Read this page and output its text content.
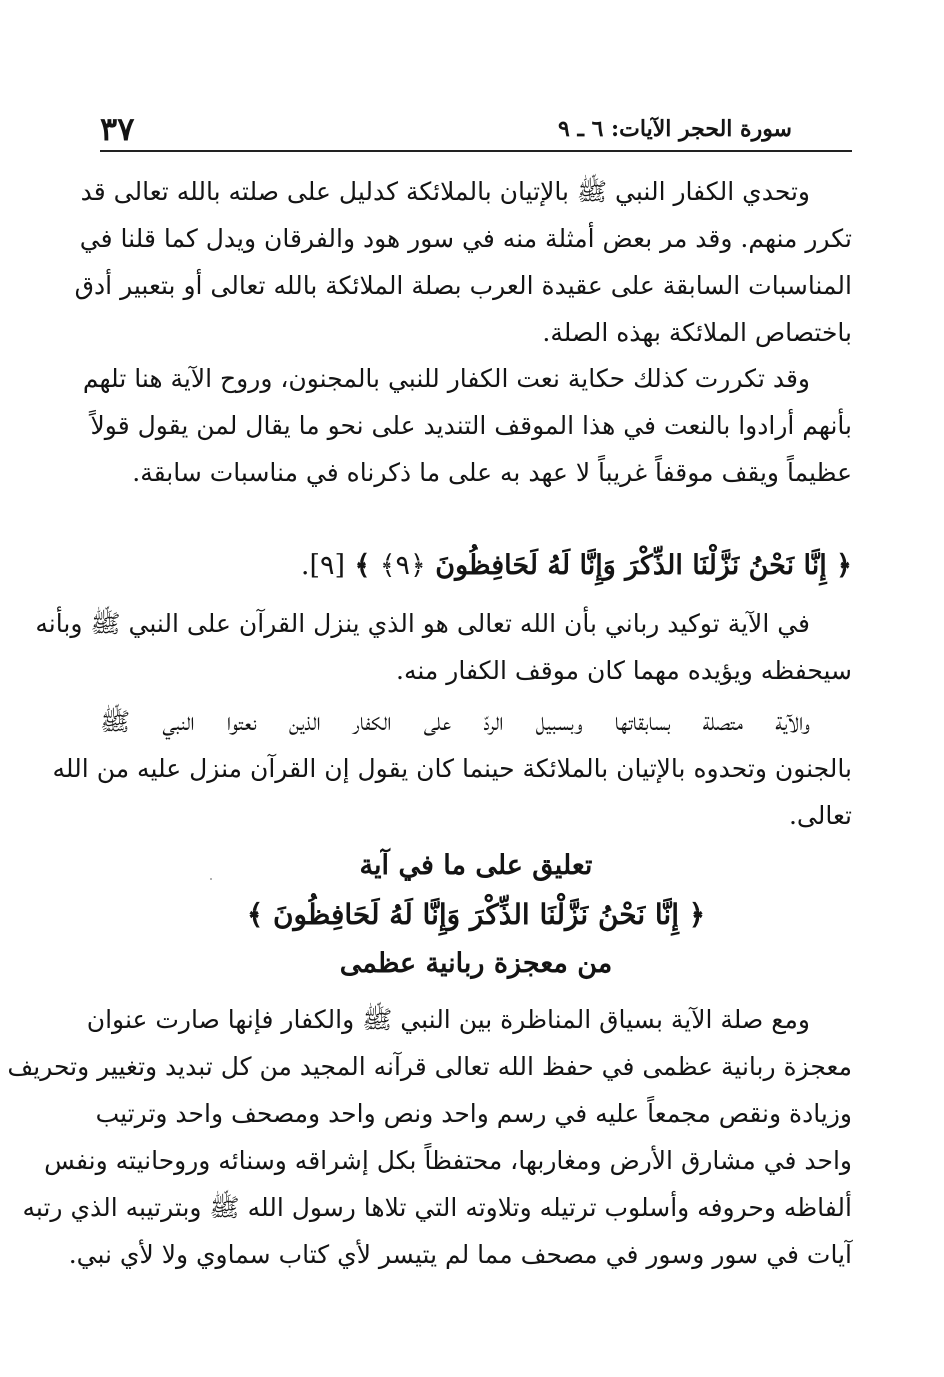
٣٧	سورة الحجر الآيات: ٦ ـ ٩
وتحدي الكفار النبي ﷺ بالإتيان بالملائكة كدليل على صلته بالله تعالى قد
تكرر منهم. وقد مر بعض أمثلة منه في سور هود والفرقان ويدل كما قلنا في
المناسبات السابقة على عقيدة العرب بصلة الملائكة بالله تعالى أو بتعبير أدق
باختصاص الملائكة بهذه الصلة.
وقد تكررت كذلك حكاية نعت الكفار للنبي بالمجنون، وروح الآية هنا تلهم
بأنهم أرادوا بالنعت في هذا الموقف التنديد على نحو ما يقال لمن يقول قولاً
عظيماً ويقف موقفاً غريباً لا عهد به على ما ذكرناه في مناسبات سابقة.
﴿ إِنَّا نَحْنُ نَزَّلْنَا الذِّكْرَ وَإِنَّا لَهُ لَحَافِظُونَ ﴿٩﴾ ﴾ [٩].
في الآية توكيد رباني بأن الله تعالى هو الذي ينزل القرآن على النبي ﷺ وبأنه
سيحفظه ويؤيده مهما كان موقف الكفار منه.
والآية متصلة بسابقاتها وبسبيل الردّ على الكفار الذين نعتوا النبي ﷺ
بالجنون وتحدوه بالإتيان بالملائكة حينما كان يقول إن القرآن منزل عليه من الله
تعالى.
تعليق على ما في آية
﴿ إِنَّا نَحْنُ نَزَّلْنَا الذِّكْرَ وَإِنَّا لَهُ لَحَافِظُونَ ﴾
من معجزة ربانية عظمى
ومع صلة الآية بسياق المناظرة بين النبي ﷺ والكفار فإنها صارت عنوان
معجزة ربانية عظمى في حفظ الله تعالى قرآنه المجيد من كل تبديد وتغيير وتحريف
وزيادة ونقص مجمعاً عليه في رسم واحد ونص واحد ومصحف واحد وترتيب
واحد في مشارق الأرض ومغاربها، محتفظاً بكل إشراقه وسنائه وروحانيته ونفس
ألفاظه وحروفه وأسلوب ترتيله وتلاوته التي تلاها رسول الله ﷺ وبترتيبه الذي رتبه
آيات في سور وسور في مصحف مما لم يتيسر لأي كتاب سماوي ولا لأي نبي.
